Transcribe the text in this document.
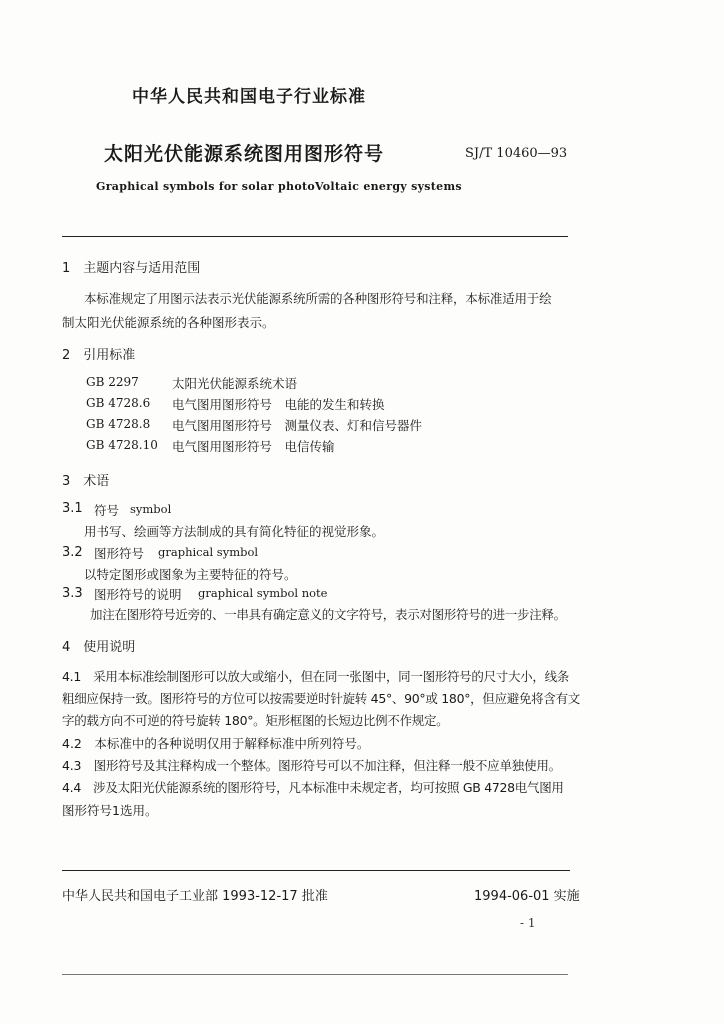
中华人民共和国电子行业标准
太阳光伏能源系统图用图形符号	SJ/T 10460—93
Graphical symbols for solar photoVoltaic energy systems
1　主题内容与适用范围
本标准规定了用图示法表示光伏能源系统所需的各种图形符号和注释，本标准适用于绘
制太阳光伏能源系统的各种图形表示。
2　引用标准
GB 2297	太阳光伏能源系统术语
GB 4728.6 电气图用图形符号　电能的发生和转换
GB 4728.8 电气图用图形符号　测量仪表、灯和信号器件
GB 4728.10 电气图用图形符号　电信传输
3　术语
3.1 符号 symbol
用书写、绘画等方法制成的具有简化特征的视觉形象。
3.2 图形符号 graphical symbol
以特定图形或图象为主要特征的符号。
3.3 图形符号的说明 graphical symbol note
加注在图形符号近旁的、一串具有确定意义的文字符号，表示对图形符号的进一步注释。
4　使用说明
4.1　采用本标准绘制图形可以放大或缩小，但在同一张图中，同一图形符号的尺寸大小，线条
粗细应保持一致。图形符号的方位可以按需要逆时针旋转 45°、90°或 180°，但应避免将含有文
字的载方向不可逆的符号旋转 180°。矩形框图的长短边比例不作规定。
4.2　本标准中的各种说明仅用于解释标准中所列符号。
4.3　图形符号及其注释构成一个整体。图形符号可以不加注释，但注释一般不应单独使用。
4.4　涉及太阳光伏能源系统的图形符号，凡本标准中未规定者，均可按照 GB 4728电气图用
图形符号1选用。
中华人民共和国电子工业部 1993-12-17 批准	1994-06-01 实施
- 1
